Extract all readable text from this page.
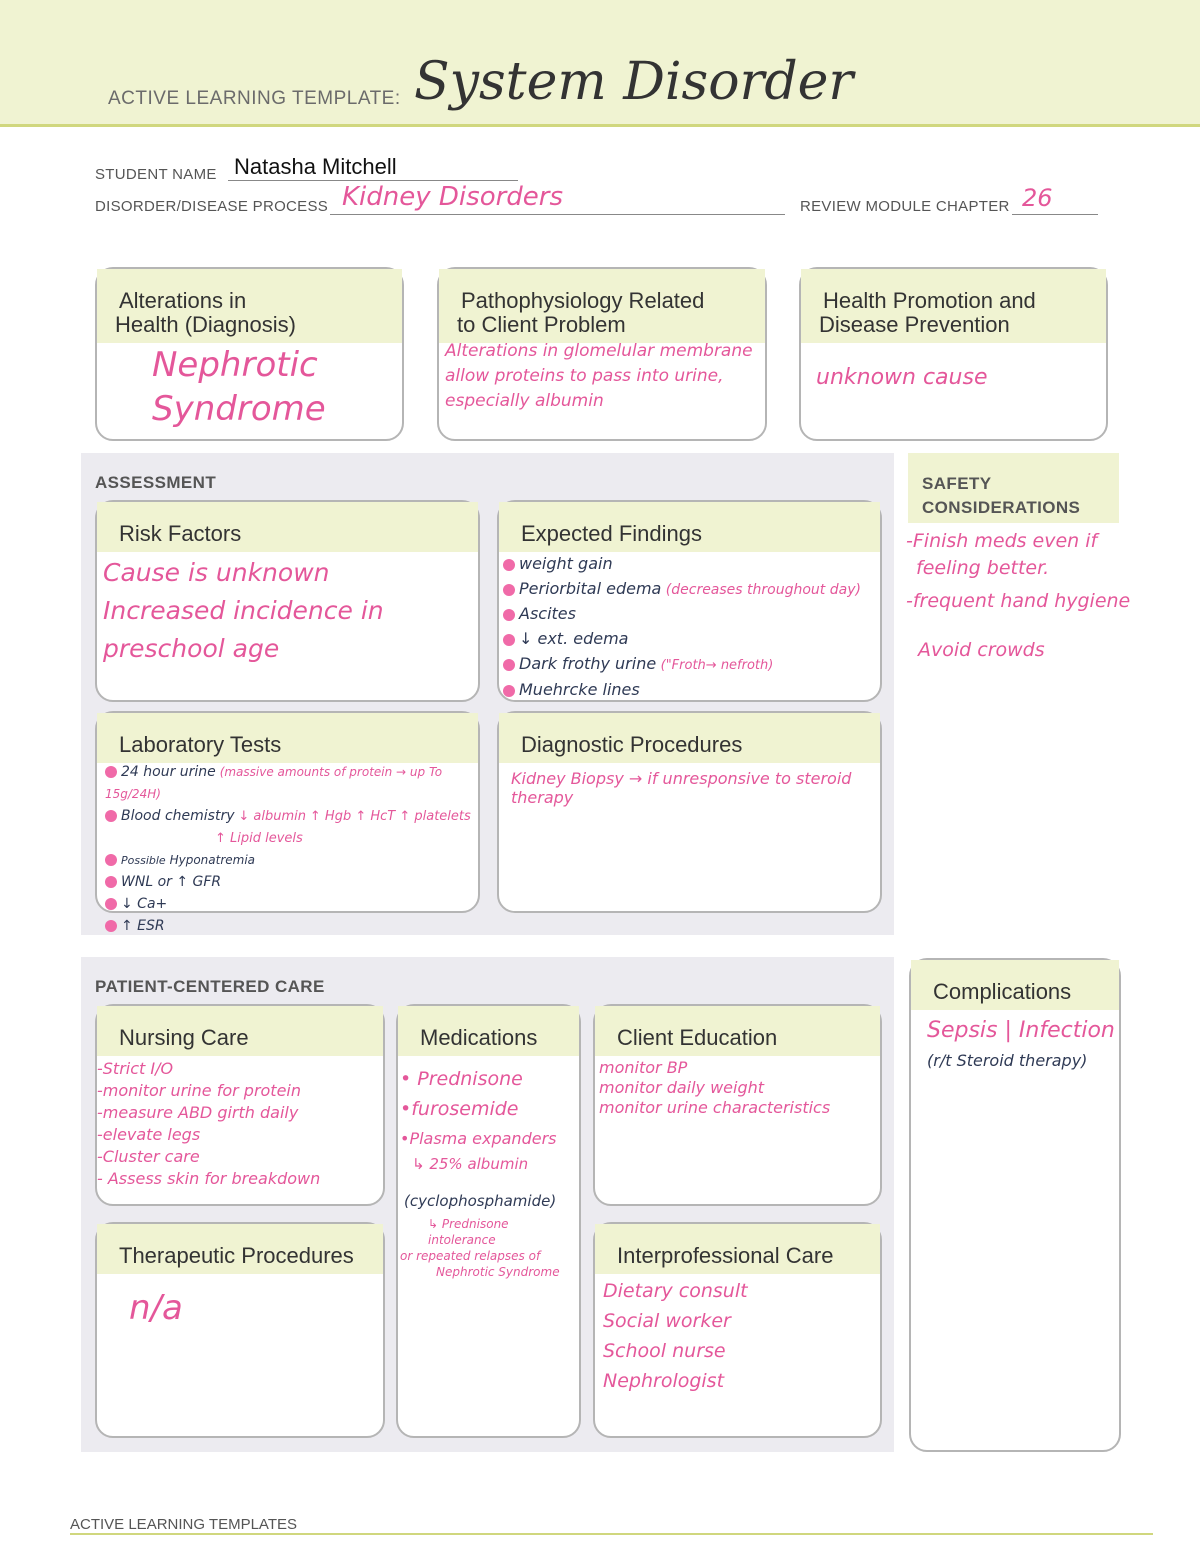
ACTIVE LEARNING TEMPLATE: System Disorder
STUDENT NAME Natasha Mitchell
DISORDER/DISEASE PROCESS Kidney Disorders	REVIEW MODULE CHAPTER 26
Alterations in
Health (Diagnosis)
Nephrotic
Syndrome
Pathophysiology Related
to Client Problem
Alterations in glomelular membrane
allow proteins to pass into urine,
especially albumin
Health Promotion and
Disease Prevention
unknown cause
ASSESSMENT
Risk Factors
Cause is unknown
Increased incidence in preschool age
Expected Findings
weight gain
Periorbital edema (decreases throughout day)
Ascites
↓ ext. edema
Dark frothy urine ("Froth→ nefroth)
Muehrcke lines
Laboratory Tests
24 hour urine (massive amounts of protein → up To 15g/24H)
Blood chemistry ↓ albumin ↑ Hgb ↑ HcT ↑ platelets
↑ Lipid levels
Possible Hyponatremia
WNL or ↑ GFR
↓ Ca+
↑ ESR
Diagnostic Procedures
Kidney Biopsy → if unresponsive to steroid therapy
SAFETY
CONSIDERATIONS
-Finish meds even if
feeling better.
-frequent hand hygiene
Avoid crowds
PATIENT-CENTERED CARE
Nursing Care
-Strict I/O
-monitor urine for protein
-measure ABD girth daily
-elevate legs
-Cluster care
- Assess skin for breakdown
Medications
• Prednisone
•furosemide
•Plasma expanders
↳ 25% albumin
(cyclophosphamide)
↳ Prednisone intolerance
or repeated relapses of
Nephrotic Syndrome
Client Education
monitor BP
monitor daily weight
monitor urine characteristics
Therapeutic Procedures
n/a
Interprofessional Care
Dietary consult
Social worker
School nurse
Nephrologist
Complications
Sepsis | Infection
(r/t Steroid therapy)
ACTIVE LEARNING TEMPLATES
